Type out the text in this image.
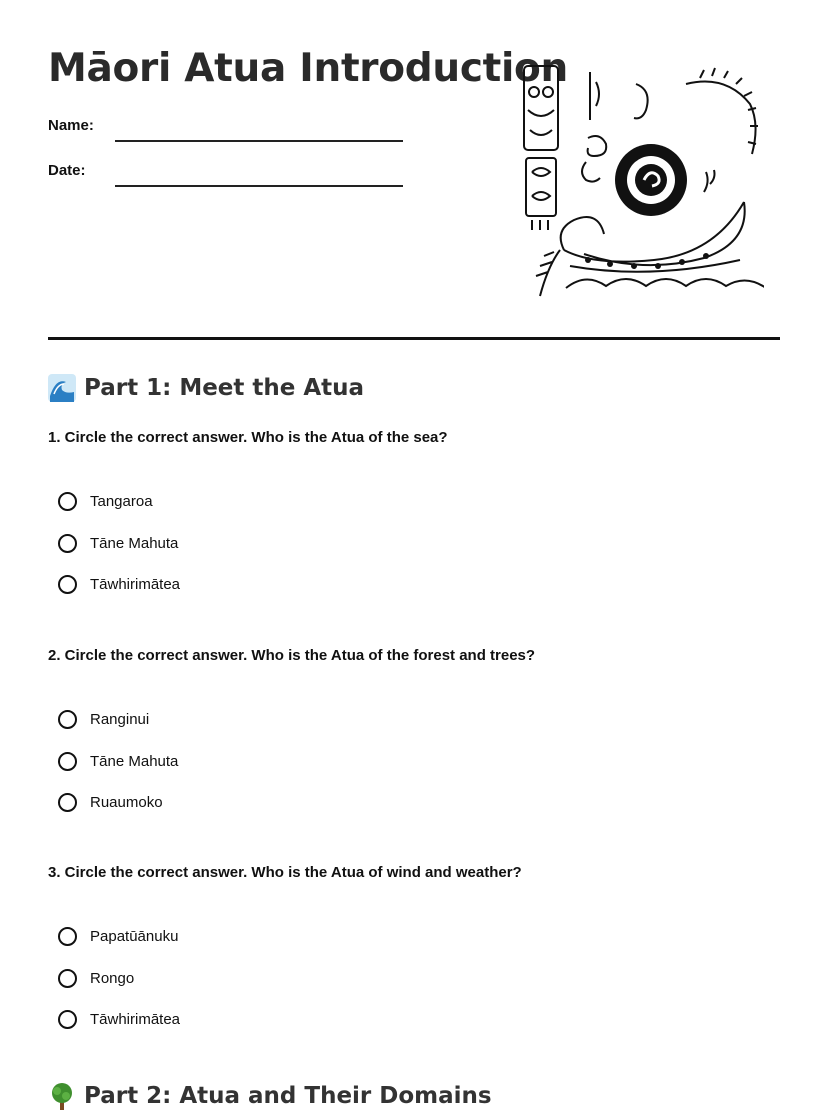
Māori Atua Introduction
Name:
Date:
Part 1: Meet the Atua
1. Circle the correct answer. Who is the Atua of the sea?
Tangaroa
Tāne Mahuta
Tāwhirimātea
2. Circle the correct answer. Who is the Atua of the forest and trees?
Ranginui
Tāne Mahuta
Ruaumoko
3. Circle the correct answer. Who is the Atua of wind and weather?
Papatūānuku
Rongo
Tāwhirimātea
Part 2: Atua and Their Domains
